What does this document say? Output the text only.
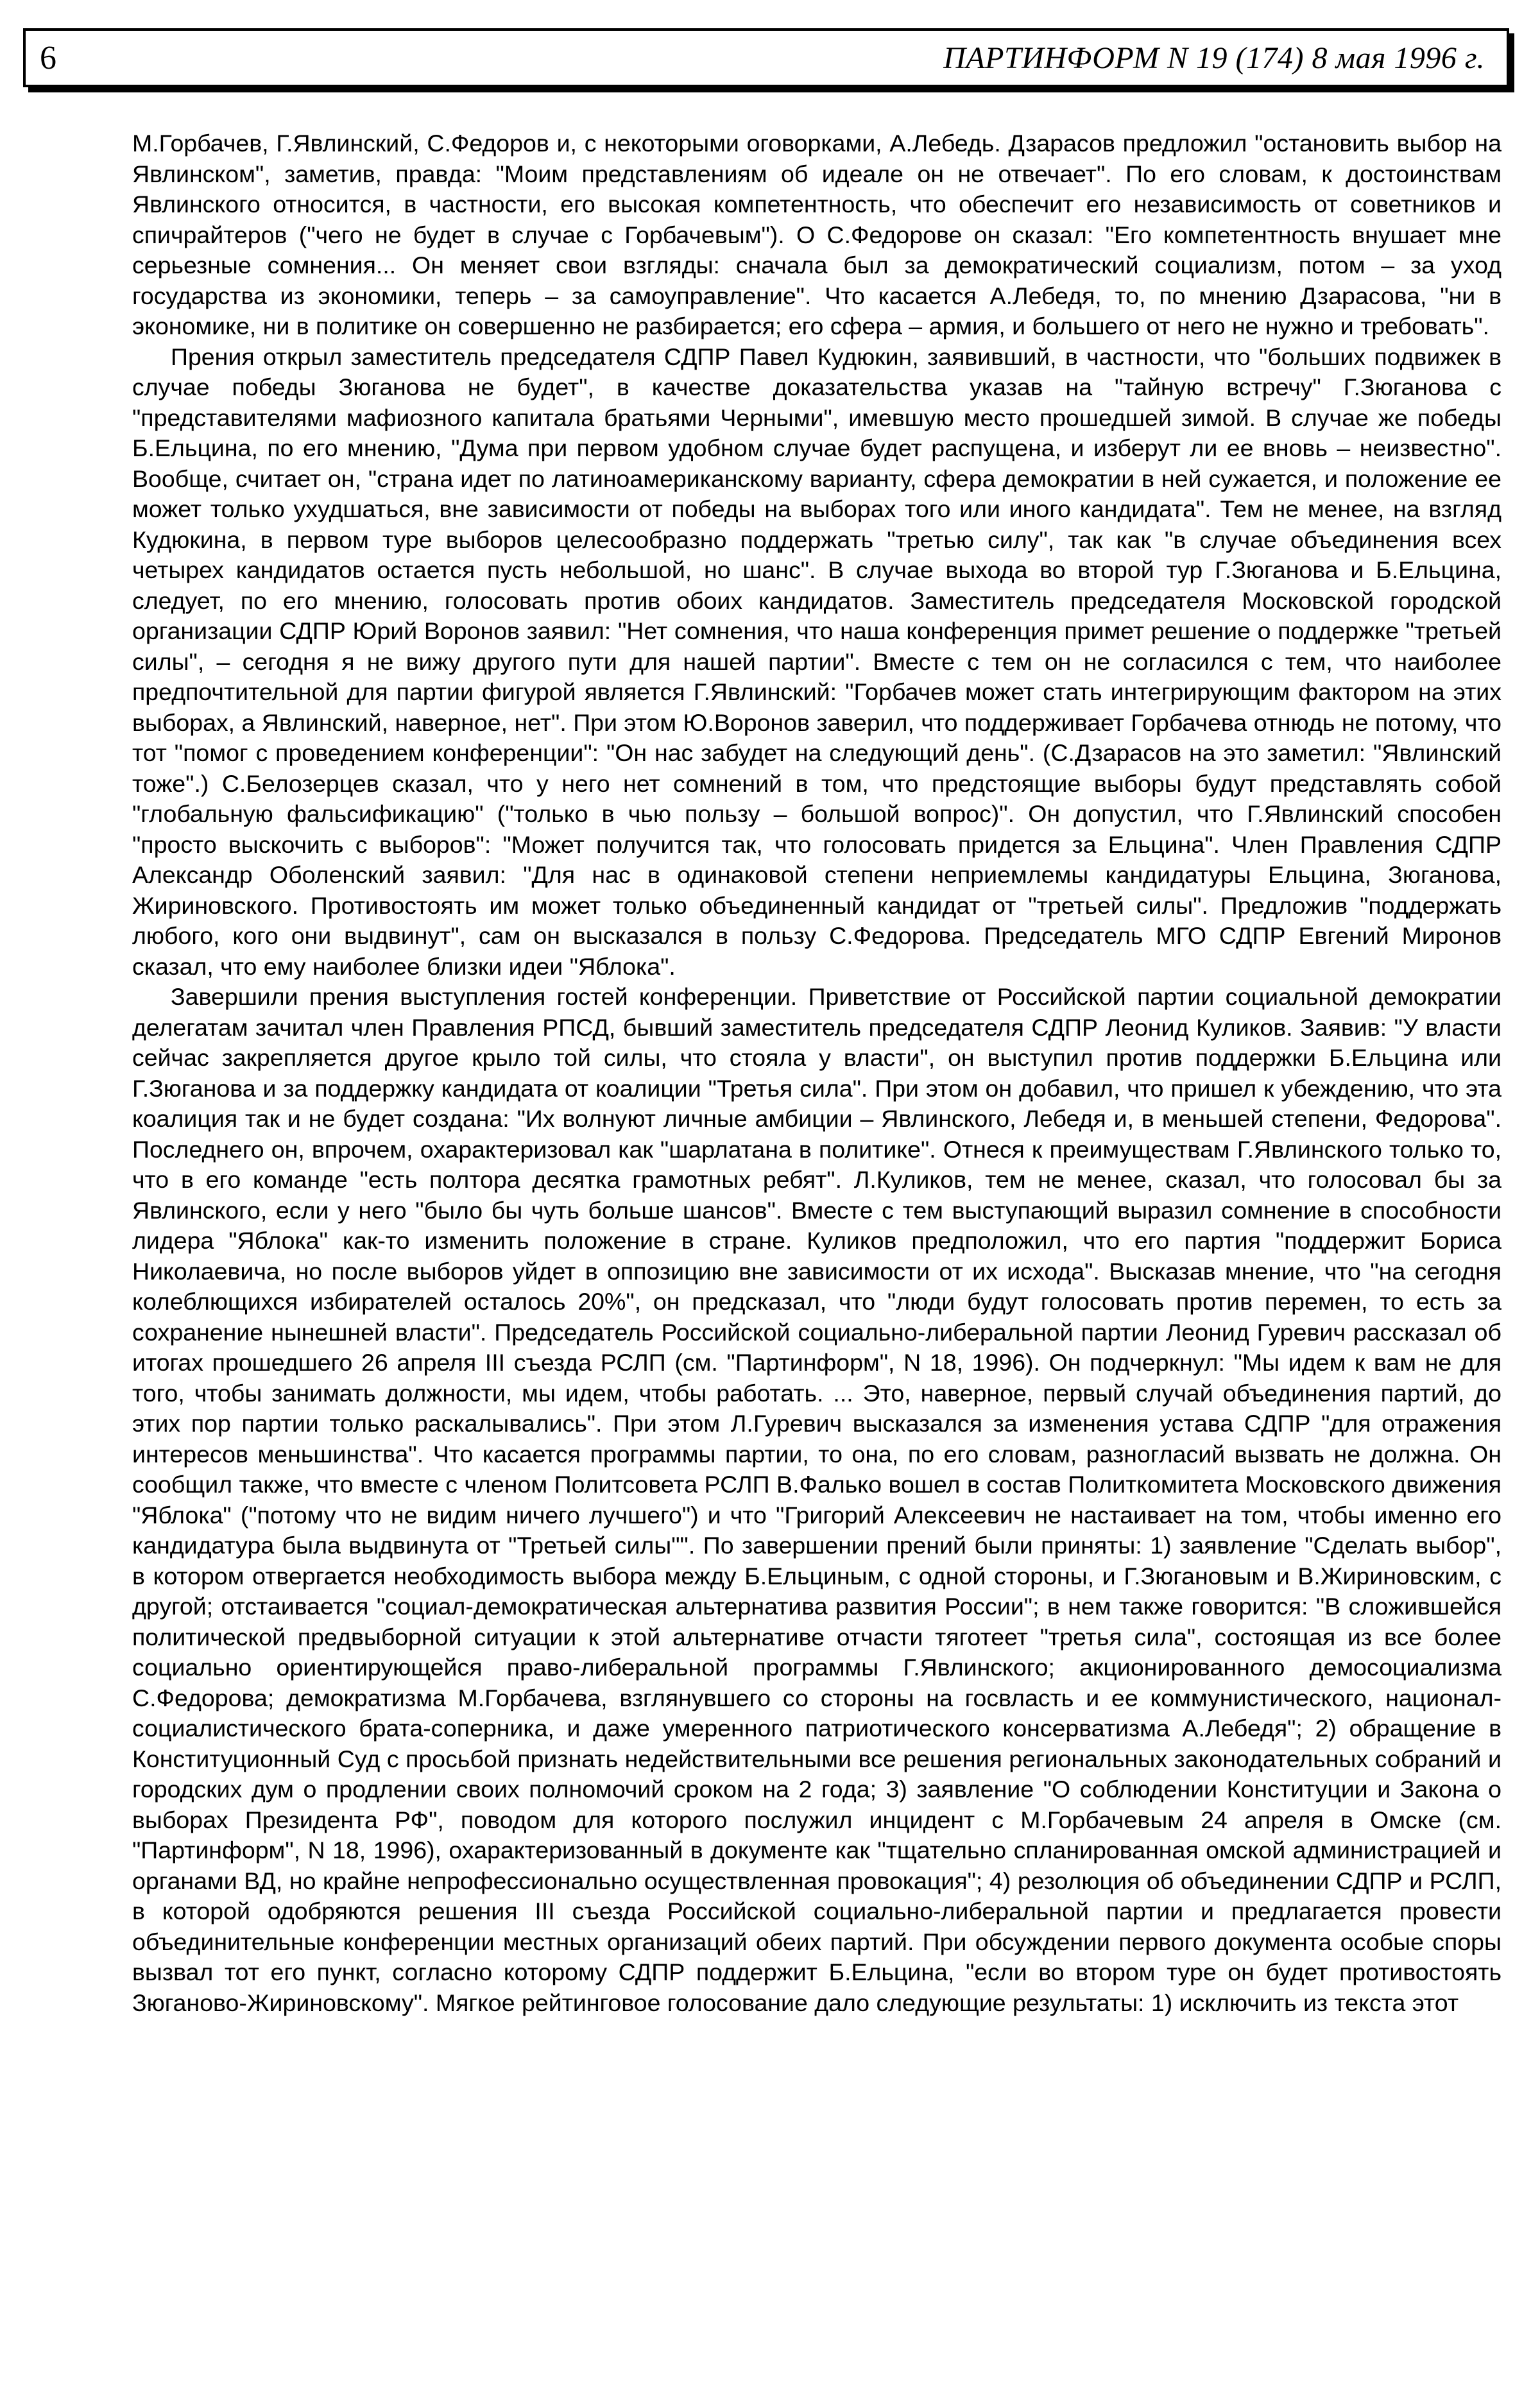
6	ПАРТИНФОРМ N 19 (174) 8 мая 1996 г.

М.Горбачев, Г.Явлинский, С.Федоров и, с некоторыми оговорками, А.Лебедь. Дзарасов предложил "остановить выбор на Явлинском", заметив, правда: "Моим представлениям об идеале он не отвечает". По его словам, к достоинствам Явлинского относится, в частности, его высокая компетентность, что обеспечит его независимость от советников и спичрайтеров ("чего не будет в случае с Горбачевым"). О С.Федорове он сказал: "Его компетентность внушает мне серьезные сомнения... Он меняет свои взгляды: сначала был за демократический социализм, потом – за уход государства из экономики, теперь – за самоуправление". Что касается А.Лебедя, то, по мнению Дзарасова, "ни в экономике, ни в политике он совершенно не разбирается; его сфера – армия, и большего от него не нужно и требовать".

Прения открыл заместитель председателя СДПР Павел Кудюкин, заявивший, в частности, что "больших подвижек в случае победы Зюганова не будет", в качестве доказательства указав на "тайную встречу" Г.Зюганова с "представителями мафиозного капитала братьями Черными", имевшую место прошедшей зимой. В случае же победы Б.Ельцина, по его мнению, "Дума при первом удобном случае будет распущена, и изберут ли ее вновь – неизвестно". Вообще, считает он, "страна идет по латиноамериканскому варианту, сфера демократии в ней сужается, и положение ее может только ухудшаться, вне зависимости от победы на выборах того или иного кандидата". Тем не менее, на взгляд Кудюкина, в первом туре выборов целесообразно поддержать "третью силу", так как "в случае объединения всех четырех кандидатов остается пусть небольшой, но шанс". В случае выхода во второй тур Г.Зюганова и Б.Ельцина, следует, по его мнению, голосовать против обоих кандидатов. Заместитель председателя Московской городской организации СДПР Юрий Воронов заявил: "Нет сомнения, что наша конференция примет решение о поддержке "третьей силы", – сегодня я не вижу другого пути для нашей партии". Вместе с тем он не согласился с тем, что наиболее предпочтительной для партии фигурой является Г.Явлинский: "Горбачев может стать интегрирующим фактором на этих выборах, а Явлинский, наверное, нет". При этом Ю.Воронов заверил, что поддерживает Горбачева отнюдь не потому, что тот "помог с проведением конференции": "Он нас забудет на следующий день". (С.Дзарасов на это заметил: "Явлинский тоже".) С.Белозерцев сказал, что у него нет сомнений в том, что предстоящие выборы будут представлять собой "глобальную фальсификацию" ("только в чью пользу – большой вопрос)". Он допустил, что Г.Явлинский способен "просто выскочить с выборов": "Может получится так, что голосовать придется за Ельцина". Член Правления СДПР Александр Оболенский заявил: "Для нас в одинаковой степени неприемлемы кандидатуры Ельцина, Зюганова, Жириновского. Противостоять им может только объединенный кандидат от "третьей силы". Предложив "поддержать любого, кого они выдвинут", сам он высказался в пользу С.Федорова. Председатель МГО СДПР Евгений Миронов сказал, что ему наиболее близки идеи "Яблока".

Завершили прения выступления гостей конференции. Приветствие от Российской партии социальной демократии делегатам зачитал член Правления РПСД, бывший заместитель председателя СДПР Леонид Куликов. Заявив: "У власти сейчас закрепляется другое крыло той силы, что стояла у власти", он выступил против поддержки Б.Ельцина или Г.Зюганова и за поддержку кандидата от коалиции "Третья сила". При этом он добавил, что пришел к убеждению, что эта коалиция так и не будет создана: "Их волнуют личные амбиции – Явлинского, Лебедя и, в меньшей степени, Федорова". Последнего он, впрочем, охарактеризовал как "шарлатана в политике". Отнеся к преимуществам Г.Явлинского только то, что в его команде "есть полтора десятка грамотных ребят". Л.Куликов, тем не менее, сказал, что голосовал бы за Явлинского, если у него "было бы чуть больше шансов". Вместе с тем выступающий выразил сомнение в способности лидера "Яблока" как-то изменить положение в стране. Куликов предположил, что его партия "поддержит Бориса Николаевича, но после выборов уйдет в оппозицию вне зависимости от их исхода". Высказав мнение, что "на сегодня колеблющихся избирателей осталось 20%", он предсказал, что "люди будут голосовать против перемен, то есть за сохранение нынешней власти". Председатель Российской социально-либеральной партии Леонид Гуревич рассказал об итогах прошедшего 26 апреля III съезда РСЛП (см. "Партинформ", N 18, 1996). Он подчеркнул: "Мы идем к вам не для того, чтобы занимать должности, мы идем, чтобы работать. ... Это, наверное, первый случай объединения партий, до этих пор партии только раскалывались". При этом Л.Гуревич высказался за изменения устава СДПР "для отражения интересов меньшинства". Что касается программы партии, то она, по его словам, разногласий вызвать не должна. Он сообщил также, что вместе с членом Политсовета РСЛП В.Фалько вошел в состав Политкомитета Московского движения "Яблока" ("потому что не видим ничего лучшего") и что "Григорий Алексеевич не настаивает на том, чтобы именно его кандидатура была выдвинута от "Третьей силы"". По завершении прений были приняты: 1) заявление "Сделать выбор", в котором отвергается необходимость выбора между Б.Ельциным, с одной стороны, и Г.Зюгановым и В.Жириновским, с другой; отстаивается "социал-демократическая альтернатива развития России"; в нем также говорится: "В сложившейся политической предвыборной ситуации к этой альтернативе отчасти тяготеет "третья сила", состоящая из все более социально ориентирующейся право-либеральной программы Г.Явлинского; акционированного демосоциализма С.Федорова; демократизма М.Горбачева, взглянувшего со стороны на госвласть и ее коммунистического, национал-социалистического брата-соперника, и даже умеренного патриотического консерватизма А.Лебедя"; 2) обращение в Конституционный Суд с просьбой признать недействительными все решения региональных законодательных собраний и городских дум о продлении своих полномочий сроком на 2 года; 3) заявление "О соблюдении Конституции и Закона о выборах Президента РФ", поводом для которого послужил инцидент с М.Горбачевым 24 апреля в Омске (см. "Партинформ", N 18, 1996), охарактеризованный в документе как "тщательно спланированная омской администрацией и органами ВД, но крайне непрофессионально осуществленная провокация"; 4) резолюция об объединении СДПР и РСЛП, в которой одобряются решения III съезда Российской социально-либеральной партии и предлагается провести объединительные конференции местных организаций обеих партий. При обсуждении первого документа особые споры вызвал тот его пункт, согласно которому СДПР поддержит Б.Ельцина, "если во втором туре он будет противостоять Зюганово-Жириновскому". Мягкое рейтинговое голосование дало следующие результаты: 1) исключить из текста этот
